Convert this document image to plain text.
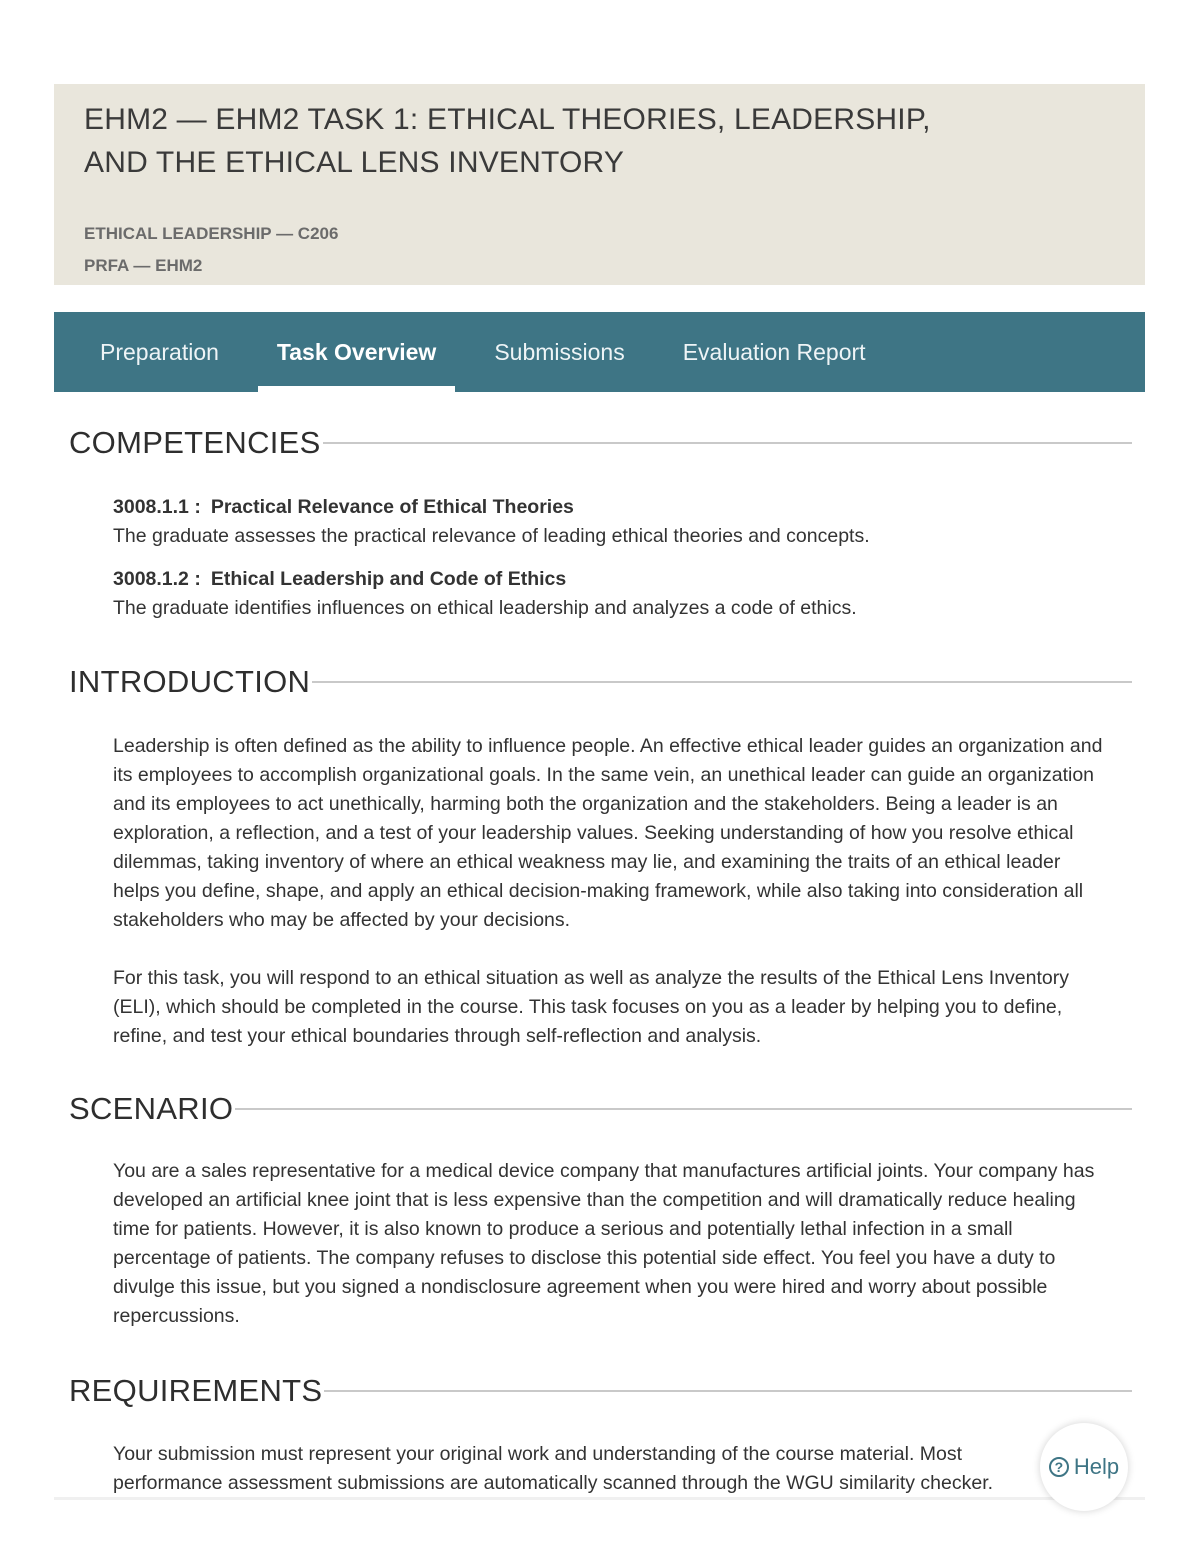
EHM2 — EHM2 TASK 1: ETHICAL THEORIES, LEADERSHIP,
AND THE ETHICAL LENS INVENTORY
ETHICAL LEADERSHIP — C206
PRFA — EHM2
Preparation	Task Overview	Submissions	Evaluation Report
COMPETENCIES
3008.1.1 : Practical Relevance of Ethical Theories
The graduate assesses the practical relevance of leading ethical theories and concepts.
3008.1.2 : Ethical Leadership and Code of Ethics
The graduate identifies influences on ethical leadership and analyzes a code of ethics.
INTRODUCTION

Leadership is often defined as the ability to influence people. An effective ethical leader guides an organization and its employees to accomplish organizational goals. In the same vein, an unethical leader can guide an organization and its employees to act unethically, harming both the organization and the stakeholders. Being a leader is an exploration, a reflection, and a test of your leadership values. Seeking understanding of how you resolve ethical dilemmas, taking inventory of where an ethical weakness may lie, and examining the traits of an ethical leader helps you define, shape, and apply an ethical decision-making framework, while also taking into consideration all stakeholders who may be affected by your decisions.

For this task, you will respond to an ethical situation as well as analyze the results of the Ethical Lens Inventory (ELI), which should be completed in the course. This task focuses on you as a leader by helping you to define, refine, and test your ethical boundaries through self-reflection and analysis.

SCENARIO

You are a sales representative for a medical device company that manufactures artificial joints. Your company has developed an artificial knee joint that is less expensive than the competition and will dramatically reduce healing time for patients. However, it is also known to produce a serious and potentially lethal infection in a small percentage of patients. The company refuses to disclose this potential side effect. You feel you have a duty to divulge this issue, but you signed a nondisclosure agreement when you were hired and worry about possible repercussions.

REQUIREMENTS

Your submission must represent your original work and understanding of the course material. Most performance assessment submissions are automatically scanned through the WGU similarity checker.

? Help
